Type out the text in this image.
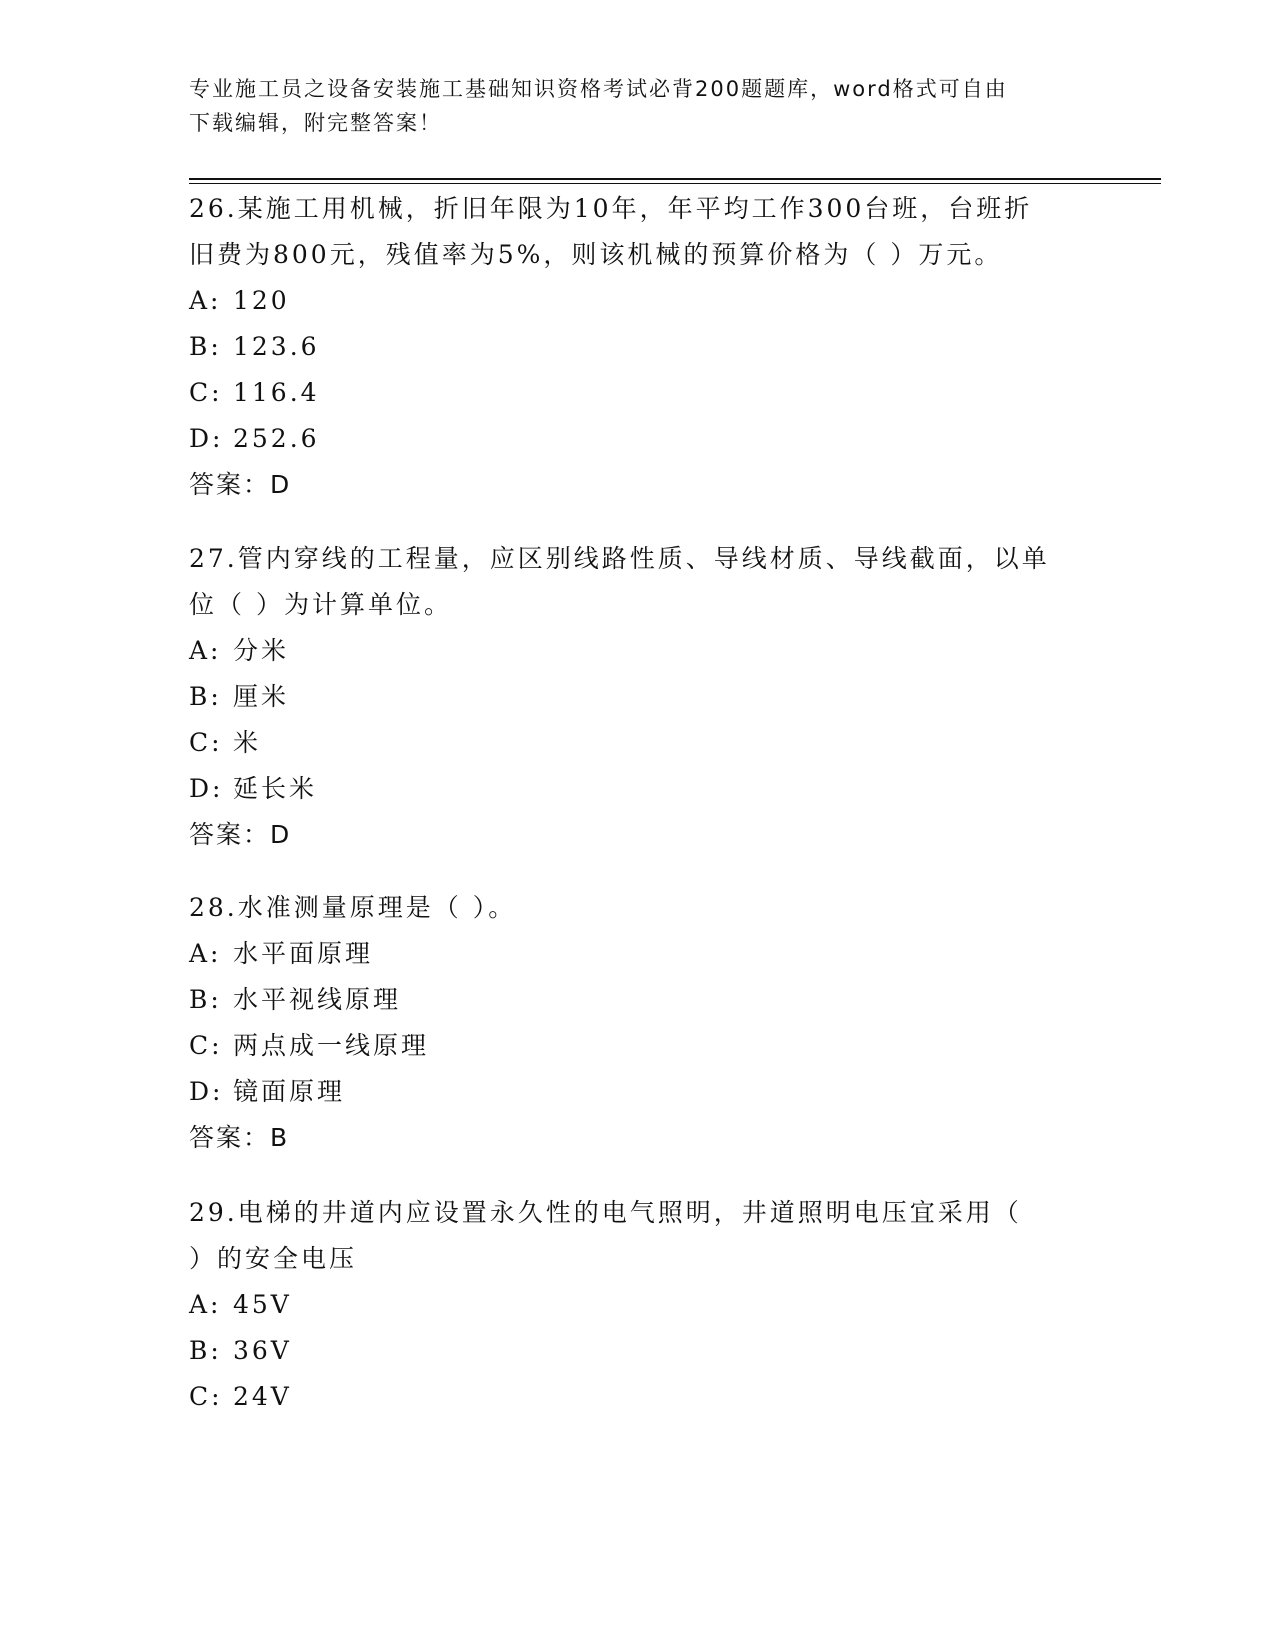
专业施工员之设备安装施工基础知识资格考试必背200题题库，word格式可自由
下载编辑，附完整答案！
26.某施工用机械，折旧年限为10年，年平均工作300台班，台班折
旧费为800元，残值率为5%，则该机械的预算价格为（ ）万元。
A: 120
B: 123.6
C: 116.4
D: 252.6
答案：D
27.管内穿线的工程量，应区别线路性质、导线材质、导线截面，以单
位（ ）为计算单位。
A: 分米
B: 厘米
C: 米
D: 延长米
答案：D
28.水准测量原理是（ ）。
A: 水平面原理
B: 水平视线原理
C: 两点成一线原理
D: 镜面原理
答案：B
29.电梯的井道内应设置永久性的电气照明，井道照明电压宜采用（
）的安全电压
A: 45V
B: 36V
C: 24V
